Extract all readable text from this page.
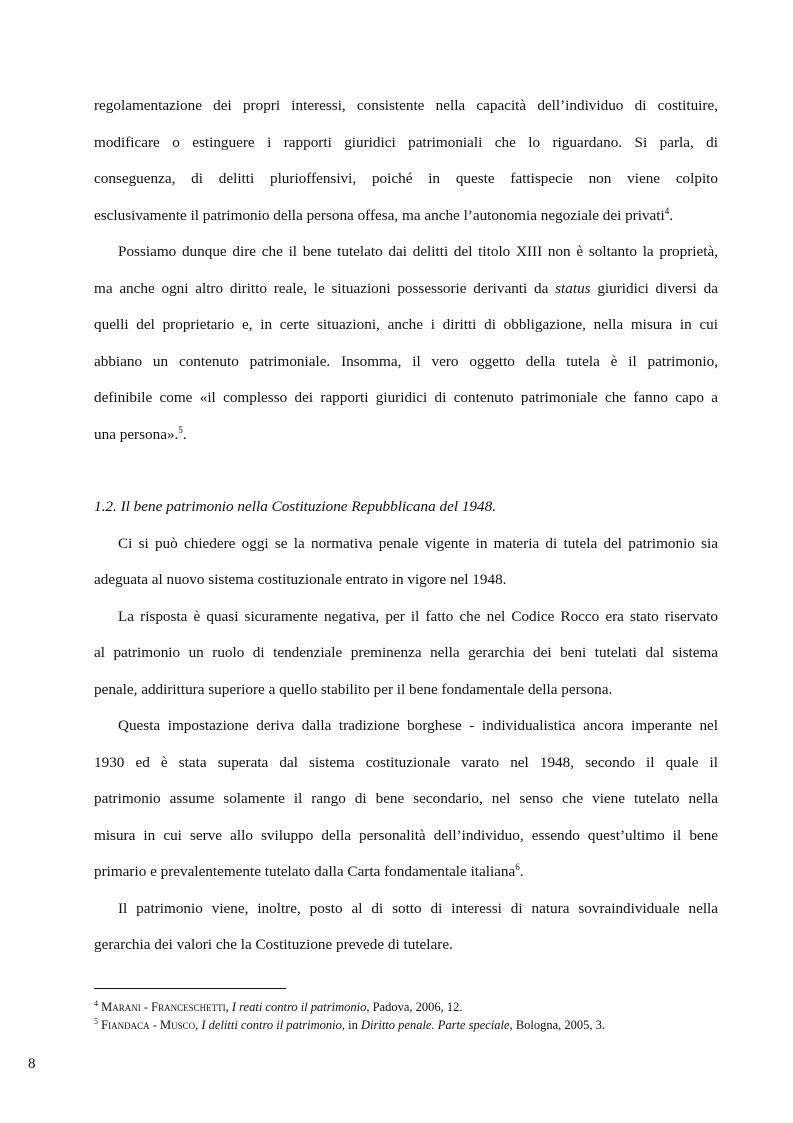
regolamentazione dei propri interessi, consistente nella capacità dell’individuo di costituire,
modificare o estinguere i rapporti giuridici patrimoniali che lo riguardano. Si parla, di
conseguenza, di delitti plurioffensivi, poiché in queste fattispecie non viene colpito
esclusivamente il patrimonio della persona offesa, ma anche l’autonomia negoziale dei privati$^4$.
Possiamo dunque dire che il bene tutelato dai delitti del titolo XIII non è soltanto la proprietà,
ma anche ogni altro diritto reale, le situazioni possessorie derivanti da status giuridici diversi da
quelli del proprietario e, in certe situazioni, anche i diritti di obbligazione, nella misura in cui
abbiano un contenuto patrimoniale. Insomma, il vero oggetto della tutela è il patrimonio,
definibile come «il complesso dei rapporti giuridici di contenuto patrimoniale che fanno capo a
una persona».$^5$.
1.2. Il bene patrimonio nella Costituzione Repubblicana del 1948.
Ci si può chiedere oggi se la normativa penale vigente in materia di tutela del patrimonio sia
adeguata al nuovo sistema costituzionale entrato in vigore nel 1948.
La risposta è quasi sicuramente negativa, per il fatto che nel Codice Rocco era stato riservato
al patrimonio un ruolo di tendenziale preminenza nella gerarchia dei beni tutelati dal sistema
penale, addirittura superiore a quello stabilito per il bene fondamentale della persona.
Questa impostazione deriva dalla tradizione borghese - individualistica ancora imperante nel
1930 ed è stata superata dal sistema costituzionale varato nel 1948, secondo il quale il
patrimonio assume solamente il rango di bene secondario, nel senso che viene tutelato nella
misura in cui serve allo sviluppo della personalità dell’individuo, essendo quest’ultimo il bene
primario e prevalentemente tutelato dalla Carta fondamentale italiana$^6$.
Il patrimonio viene, inoltre, posto al di sotto di interessi di natura sovraindividuale nella
gerarchia dei valori che la Costituzione prevede di tutelare.
$^4$ Marani - Franceschetti, I reati contro il patrimonio, Padova, 2006, 12.
$^5$ Fiandaca - Musco, I delitti contro il patrimonio, in Diritto penale. Parte speciale, Bologna, 2005, 3.
8
